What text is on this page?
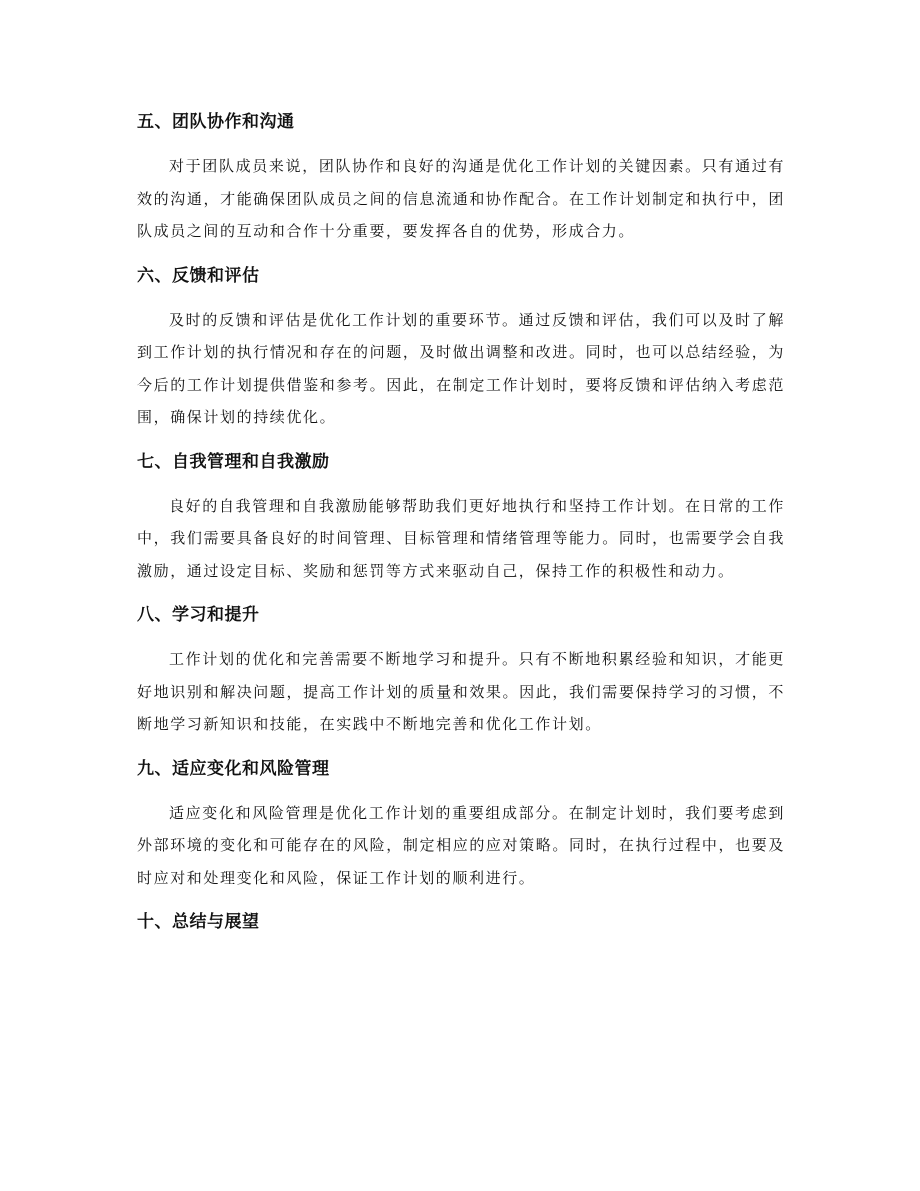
五、团队协作和沟通
对于团队成员来说，团队协作和良好的沟通是优化工作计划的关键因素。只有通过有效的沟通，才能确保团队成员之间的信息流通和协作配合。在工作计划制定和执行中，团队成员之间的互动和合作十分重要，要发挥各自的优势，形成合力。
六、反馈和评估
及时的反馈和评估是优化工作计划的重要环节。通过反馈和评估，我们可以及时了解到工作计划的执行情况和存在的问题，及时做出调整和改进。同时，也可以总结经验，为今后的工作计划提供借鉴和参考。因此，在制定工作计划时，要将反馈和评估纳入考虑范围，确保计划的持续优化。
七、自我管理和自我激励
良好的自我管理和自我激励能够帮助我们更好地执行和坚持工作计划。在日常的工作中，我们需要具备良好的时间管理、目标管理和情绪管理等能力。同时，也需要学会自我激励，通过设定目标、奖励和惩罚等方式来驱动自己，保持工作的积极性和动力。
八、学习和提升
工作计划的优化和完善需要不断地学习和提升。只有不断地积累经验和知识，才能更好地识别和解决问题，提高工作计划的质量和效果。因此，我们需要保持学习的习惯，不断地学习新知识和技能，在实践中不断地完善和优化工作计划。
九、适应变化和风险管理
适应变化和风险管理是优化工作计划的重要组成部分。在制定计划时，我们要考虑到外部环境的变化和可能存在的风险，制定相应的应对策略。同时，在执行过程中，也要及时应对和处理变化和风险，保证工作计划的顺利进行。
十、总结与展望
